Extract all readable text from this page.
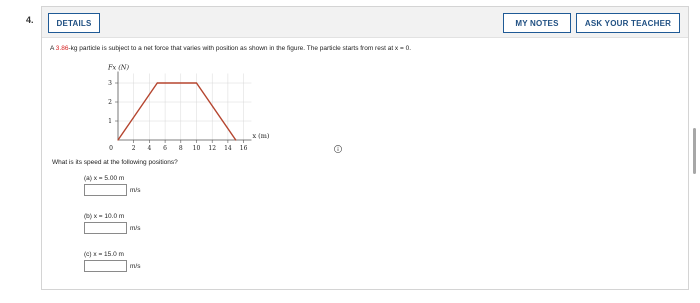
4.	DETAILS	MY NOTES	ASK YOUR TEACHER
A 3.86-kg particle is subject to a net force that varies with position as shown in the figure. The particle starts from rest at x = 0.
2 4 6 8 10 12 14 16
1
2
3
0
Fx (N)
x (m)
What is its speed at the following positions?
(a) x = 5.00 m
m/s
(b) x = 10.0 m
m/s
(c) x = 15.0 m
m/s
